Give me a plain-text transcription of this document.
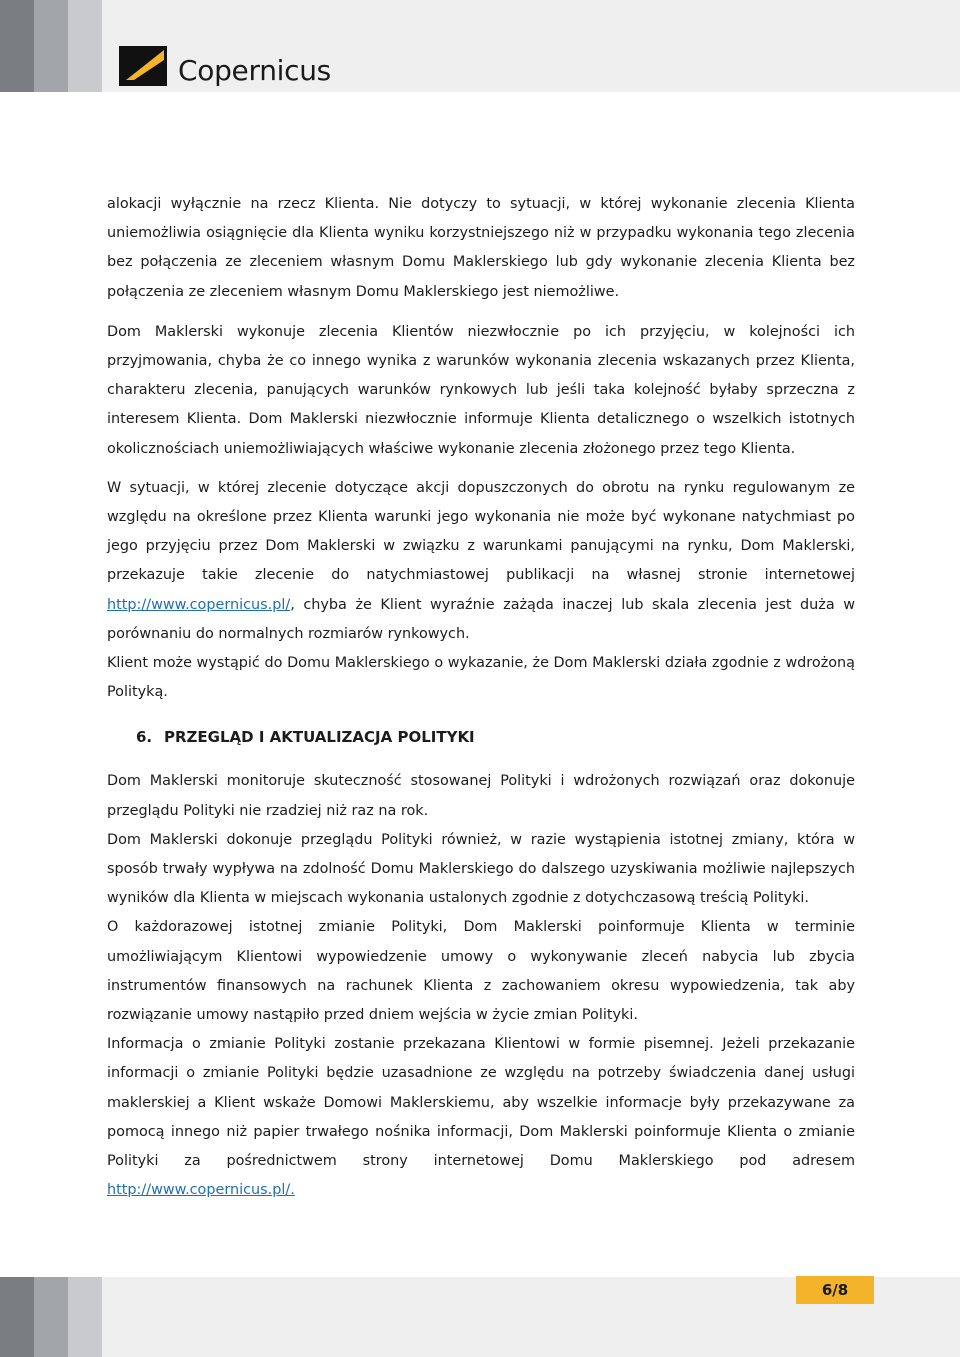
Copernicus

alokacji wyłącznie na rzecz Klienta. Nie dotyczy to sytuacji, w której wykonanie zlecenia Klienta uniemożliwia osiągnięcie dla Klienta wyniku korzystniejszego niż w przypadku wykonania tego zlecenia bez połączenia ze zleceniem własnym Domu Maklerskiego lub gdy wykonanie zlecenia Klienta bez połączenia ze zleceniem własnym Domu Maklerskiego jest niemożliwe.

Dom Maklerski wykonuje zlecenia Klientów niezwłocznie po ich przyjęciu, w kolejności ich przyjmowania, chyba że co innego wynika z warunków wykonania zlecenia wskazanych przez Klienta, charakteru zlecenia, panujących warunków rynkowych lub jeśli taka kolejność byłaby sprzeczna z interesem Klienta. Dom Maklerski niezwłocznie informuje Klienta detalicznego o wszelkich istotnych okolicznościach uniemożliwiających właściwe wykonanie zlecenia złożonego przez tego Klienta.

W sytuacji, w której zlecenie dotyczące akcji dopuszczonych do obrotu na rynku regulowanym ze względu na określone przez Klienta warunki jego wykonania nie może być wykonane natychmiast po jego przyjęciu przez Dom Maklerski w związku z warunkami panującymi na rynku, Dom Maklerski, przekazuje takie zlecenie do natychmiastowej publikacji na własnej stronie internetowej http://www.copernicus.pl/, chyba że Klient wyraźnie zażąda inaczej lub skala zlecenia jest duża w porównaniu do normalnych rozmiarów rynkowych.

Klient może wystąpić do Domu Maklerskiego o wykazanie, że Dom Maklerski działa zgodnie z wdrożoną Polityką.

6. PRZEGLĄD I AKTUALIZACJA POLITYKI

Dom Maklerski monitoruje skuteczność stosowanej Polityki i wdrożonych rozwiązań oraz dokonuje przeglądu Polityki nie rzadziej niż raz na rok.

Dom Maklerski dokonuje przeglądu Polityki również, w razie wystąpienia istotnej zmiany, która w sposób trwały wypływa na zdolność Domu Maklerskiego do dalszego uzyskiwania możliwie najlepszych wyników dla Klienta w miejscach wykonania ustalonych zgodnie z dotychczasową treścią Polityki.

O każdorazowej istotnej zmianie Polityki, Dom Maklerski poinformuje Klienta w terminie umożliwiającym Klientowi wypowiedzenie umowy o wykonywanie zleceń nabycia lub zbycia instrumentów finansowych na rachunek Klienta z zachowaniem okresu wypowiedzenia, tak aby rozwiązanie umowy nastąpiło przed dniem wejścia w życie zmian Polityki.

Informacja o zmianie Polityki zostanie przekazana Klientowi w formie pisemnej. Jeżeli przekazanie informacji o zmianie Polityki będzie uzasadnione ze względu na potrzeby świadczenia danej usługi maklerskiej a Klient wskaże Domowi Maklerskiemu, aby wszelkie informacje były przekazywane za pomocą innego niż papier trwałego nośnika informacji, Dom Maklerski poinformuje Klienta o zmianie Polityki za pośrednictwem strony internetowej Domu Maklerskiego pod adresem http://www.copernicus.pl/.

6/8
